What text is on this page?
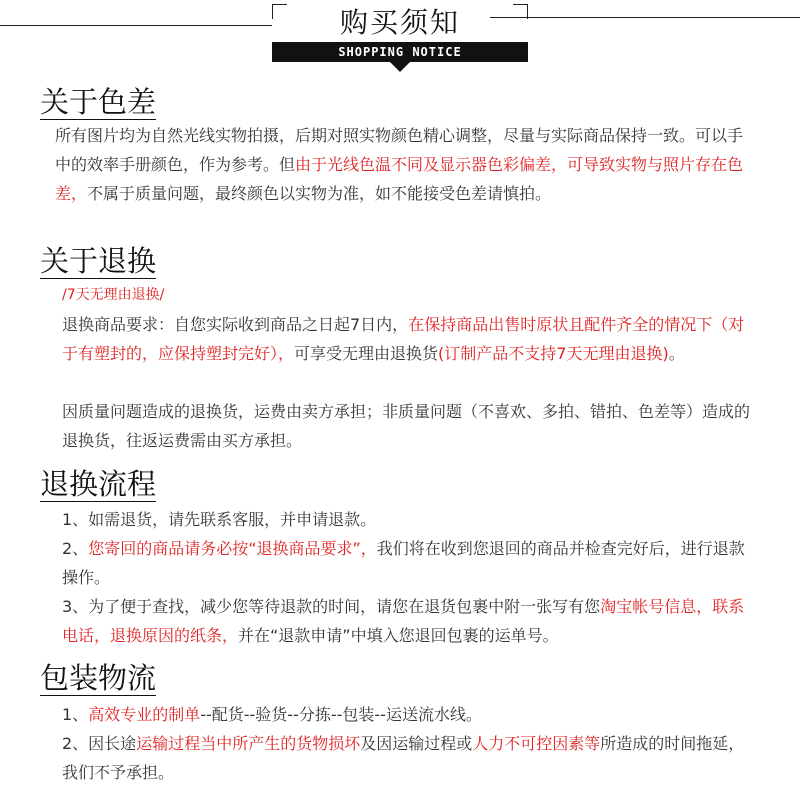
购买须知
SHOPPING NOTICE
关于色差
所有图片均为自然光线实物拍摄，后期对照实物颜色精心调整，尽量与实际商品保持一致。可以手中的效率手册颜色，作为参考。但由于光线色温不同及显示器色彩偏差，可导致实物与照片存在色差，不属于质量问题，最终颜色以实物为准，如不能接受色差请慎拍。
关于退换
/7天无理由退换/
退换商品要求：自您实际收到商品之日起7日内，在保持商品出售时原状且配件齐全的情况下（对于有塑封的，应保持塑封完好），可享受无理由退换货(订制产品不支持7天无理由退换)。
因质量问题造成的退换货，运费由卖方承担；非质量问题（不喜欢、多拍、错拍、色差等）造成的退换货，往返运费需由买方承担。
退换流程
1、如需退货，请先联系客服，并申请退款。
2、您寄回的商品请务必按“退换商品要求”，我们将在收到您退回的商品并检查完好后，进行退款操作。
3、为了便于查找，减少您等待退款的时间，请您在退货包裹中附一张写有您淘宝帐号信息，联系电话，退换原因的纸条，并在“退款申请”中填入您退回包裹的运单号。
包装物流
1、高效专业的制单--配货--验货--分拣--包装--运送流水线。
2、因长途运输过程当中所产生的货物损坏及因运输过程或人力不可控因素等所造成的时间拖延，我们不予承担。
